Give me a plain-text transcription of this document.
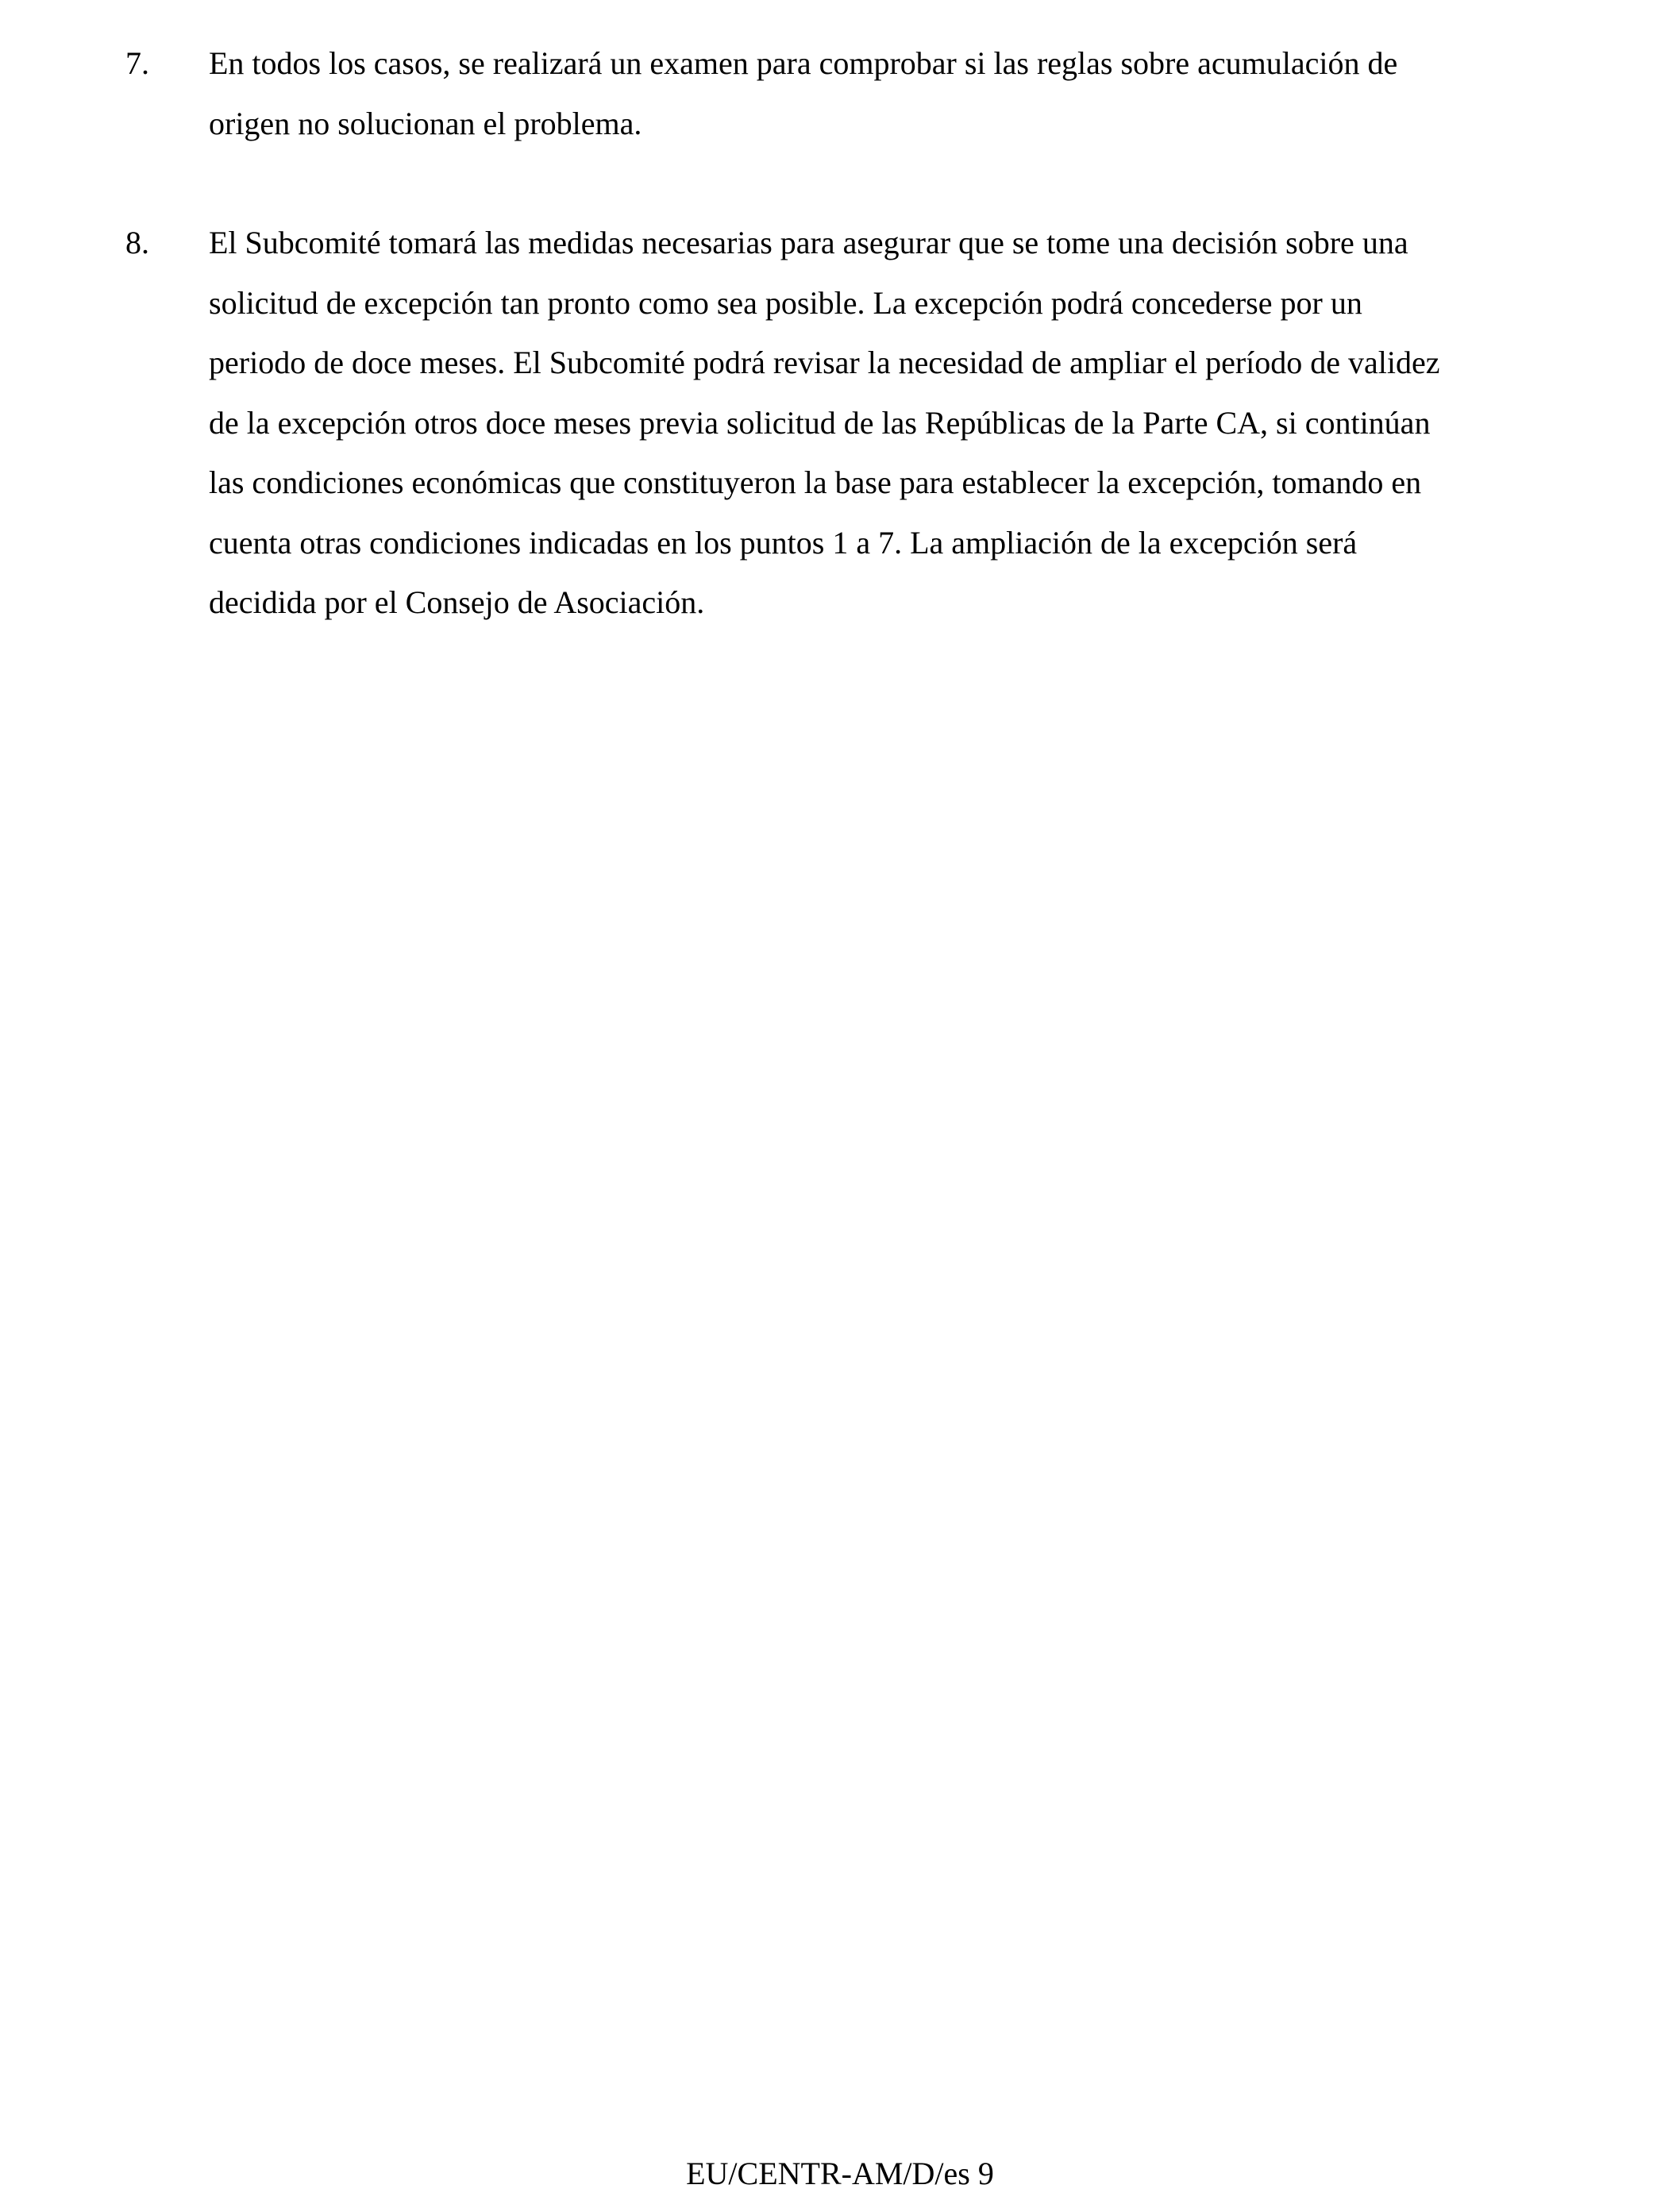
7. En todos los casos, se realizará un examen para comprobar si las reglas sobre acumulación de
origen no solucionan el problema.
8. El Subcomité tomará las medidas necesarias para asegurar que se tome una decisión sobre una
solicitud de excepción tan pronto como sea posible. La excepción podrá concederse por un
periodo de doce meses. El Subcomité podrá revisar la necesidad de ampliar el período de validez
de la excepción otros doce meses previa solicitud de las Repúblicas de la Parte CA, si continúan
las condiciones económicas que constituyeron la base para establecer la excepción, tomando en
cuenta otras condiciones indicadas en los puntos 1 a 7. La ampliación de la excepción será
decidida por el Consejo de Asociación.
EU/CENTR-AM/D/es 9
